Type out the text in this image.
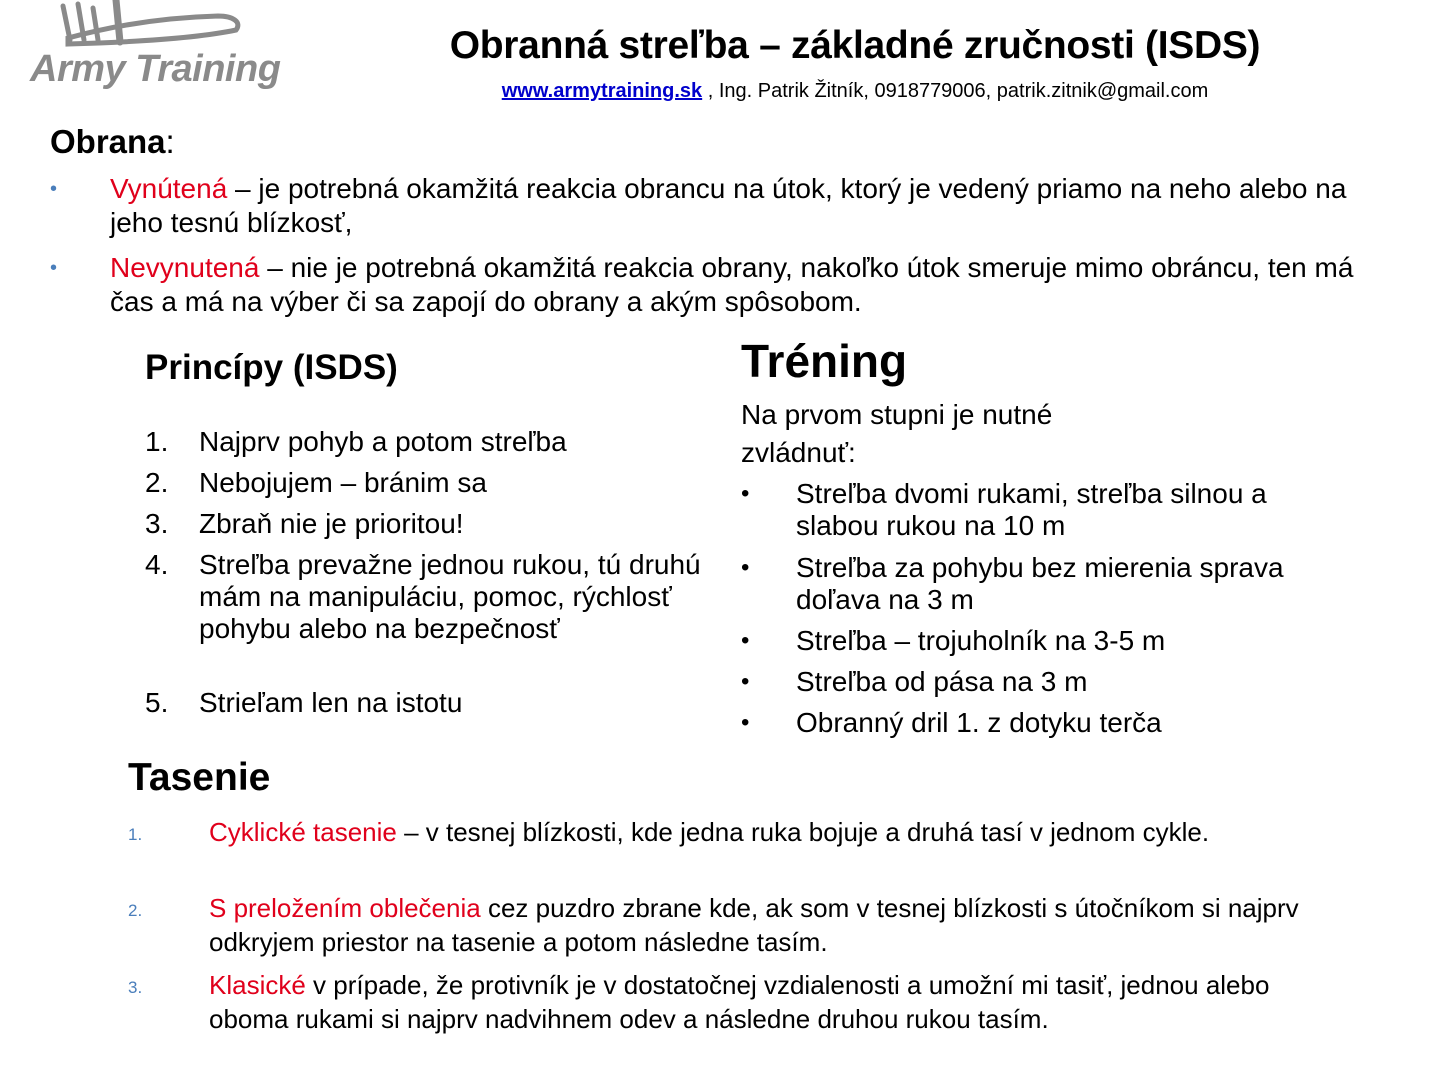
Army Training
Obranná streľba – základné zručnosti (ISDS)
www.armytraining.sk , Ing. Patrik Žitník, 0918779006, patrik.zitnik@gmail.com
Obrana:
• Vynútená – je potrebná okamžitá reakcia obrancu na útok, ktorý je vedený priamo na neho alebo na jeho tesnú blízkosť,
• Nevynutená – nie je potrebná okamžitá reakcia obrany, nakoľko útok smeruje mimo obráncu, ten má čas a má na výber či sa zapojí do obrany a akým spôsobom.
Princípy (ISDS)
1. Najprv pohyb a potom streľba
2. Nebojujem – bránim sa
3. Zbraň nie je prioritou!
4. Streľba prevažne jednou rukou, tú druhú mám na manipuláciu, pomoc, rýchlosť pohybu alebo na bezpečnosť
5. Strieľam len na istotu
Tréning
Na prvom stupni je nutné zvládnuť:
• Streľba dvomi rukami, streľba silnou a slabou rukou na 10 m
• Streľba za pohybu bez mierenia sprava doľava na 3 m
• Streľba – trojuholník na 3-5 m
• Streľba od pása na 3 m
• Obranný dril 1. z dotyku terča
Tasenie
1.	Cyklické tasenie – v tesnej blízkosti, kde jedna ruka bojuje a druhá tasí v jednom cykle.
2.	S preložením oblečenia cez puzdro zbrane kde, ak som v tesnej blízkosti s útočníkom si najprv odkryjem priestor na tasenie a potom následne tasím.
3.	Klasické v prípade, že protivník je v dostatočnej vzdialenosti a umožní mi tasiť, jednou alebo oboma rukami si najprv nadvihnem odev a následne druhou rukou tasím.
